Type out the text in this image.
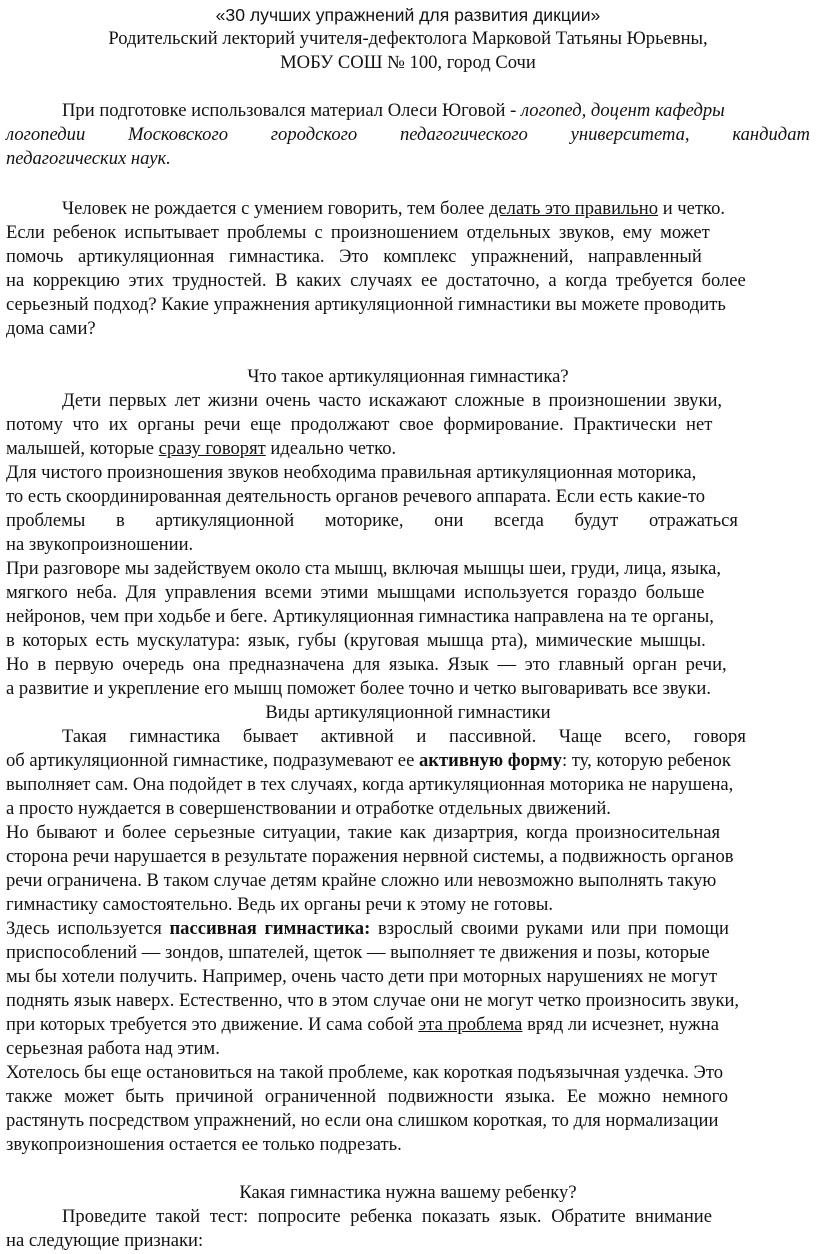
«30 лучших упражнений для развития дикции»
Родительский лекторий учителя-дефектолога Марковой Татьяны Юрьевны,
МОБУ СОШ № 100, город Сочи
При подготовке использовался материал Олеси Юговой - логопед, доцент кафедры
логопедии Московского городского педагогического университета, кандидат
педагогических наук.
Человек не рождается с умением говорить, тем более делать это правильно и четко.
Если ребенок испытывает проблемы с произношением отдельных звуков, ему может
помочь артикуляционная гимнастика. Это комплекс упражнений, направленный
на коррекцию этих трудностей. В каких случаях ее достаточно, а когда требуется более
серьезный подход? Какие упражнения артикуляционной гимнастики вы можете проводить
дома сами?
Что такое артикуляционная гимнастика?
Дети первых лет жизни очень часто искажают сложные в произношении звуки,
потому что их органы речи еще продолжают свое формирование. Практически нет
малышей, которые сразу говорят идеально четко.
Для чистого произношения звуков необходима правильная артикуляционная моторика,
то есть скоординированная деятельность органов речевого аппарата. Если есть какие-то
проблемы в артикуляционной моторике, они всегда будут отражаться
на звукопроизношении.
При разговоре мы задействуем около ста мышц, включая мышцы шеи, груди, лица, языка,
мягкого неба. Для управления всеми этими мышцами используется гораздо больше
нейронов, чем при ходьбе и беге. Артикуляционная гимнастика направлена на те органы,
в которых есть мускулатура: язык, губы (круговая мышца рта), мимические мышцы.
Но в первую очередь она предназначена для языка. Язык — это главный орган речи,
а развитие и укрепление его мышц поможет более точно и четко выговаривать все звуки.
Виды артикуляционной гимнастики
Такая гимнастика бывает активной и пассивной. Чаще всего, говоря
об артикуляционной гимнастике, подразумевают ее активную форму: ту, которую ребенок
выполняет сам. Она подойдет в тех случаях, когда артикуляционная моторика не нарушена,
а просто нуждается в совершенствовании и отработке отдельных движений.
Но бывают и более серьезные ситуации, такие как дизартрия, когда произносительная
сторона речи нарушается в результате поражения нервной системы, а подвижность органов
речи ограничена. В таком случае детям крайне сложно или невозможно выполнять такую
гимнастику самостоятельно. Ведь их органы речи к этому не готовы.
Здесь используется пассивная гимнастика: взрослый своими руками или при помощи
приспособлений — зондов, шпателей, щеток — выполняет те движения и позы, которые
мы бы хотели получить. Например, очень часто дети при моторных нарушениях не могут
поднять язык наверх. Естественно, что в этом случае они не могут четко произносить звуки,
при которых требуется это движение. И сама собой эта проблема вряд ли исчезнет, нужна
серьезная работа над этим.
Хотелось бы еще остановиться на такой проблеме, как короткая подъязычная уздечка. Это
также может быть причиной ограниченной подвижности языка. Ее можно немного
растянуть посредством упражнений, но если она слишком короткая, то для нормализации
звукопроизношения остается ее только подрезать.
Какая гимнастика нужна вашему ребенку?
Проведите такой тест: попросите ребенка показать язык. Обратите внимание
на следующие признаки:
